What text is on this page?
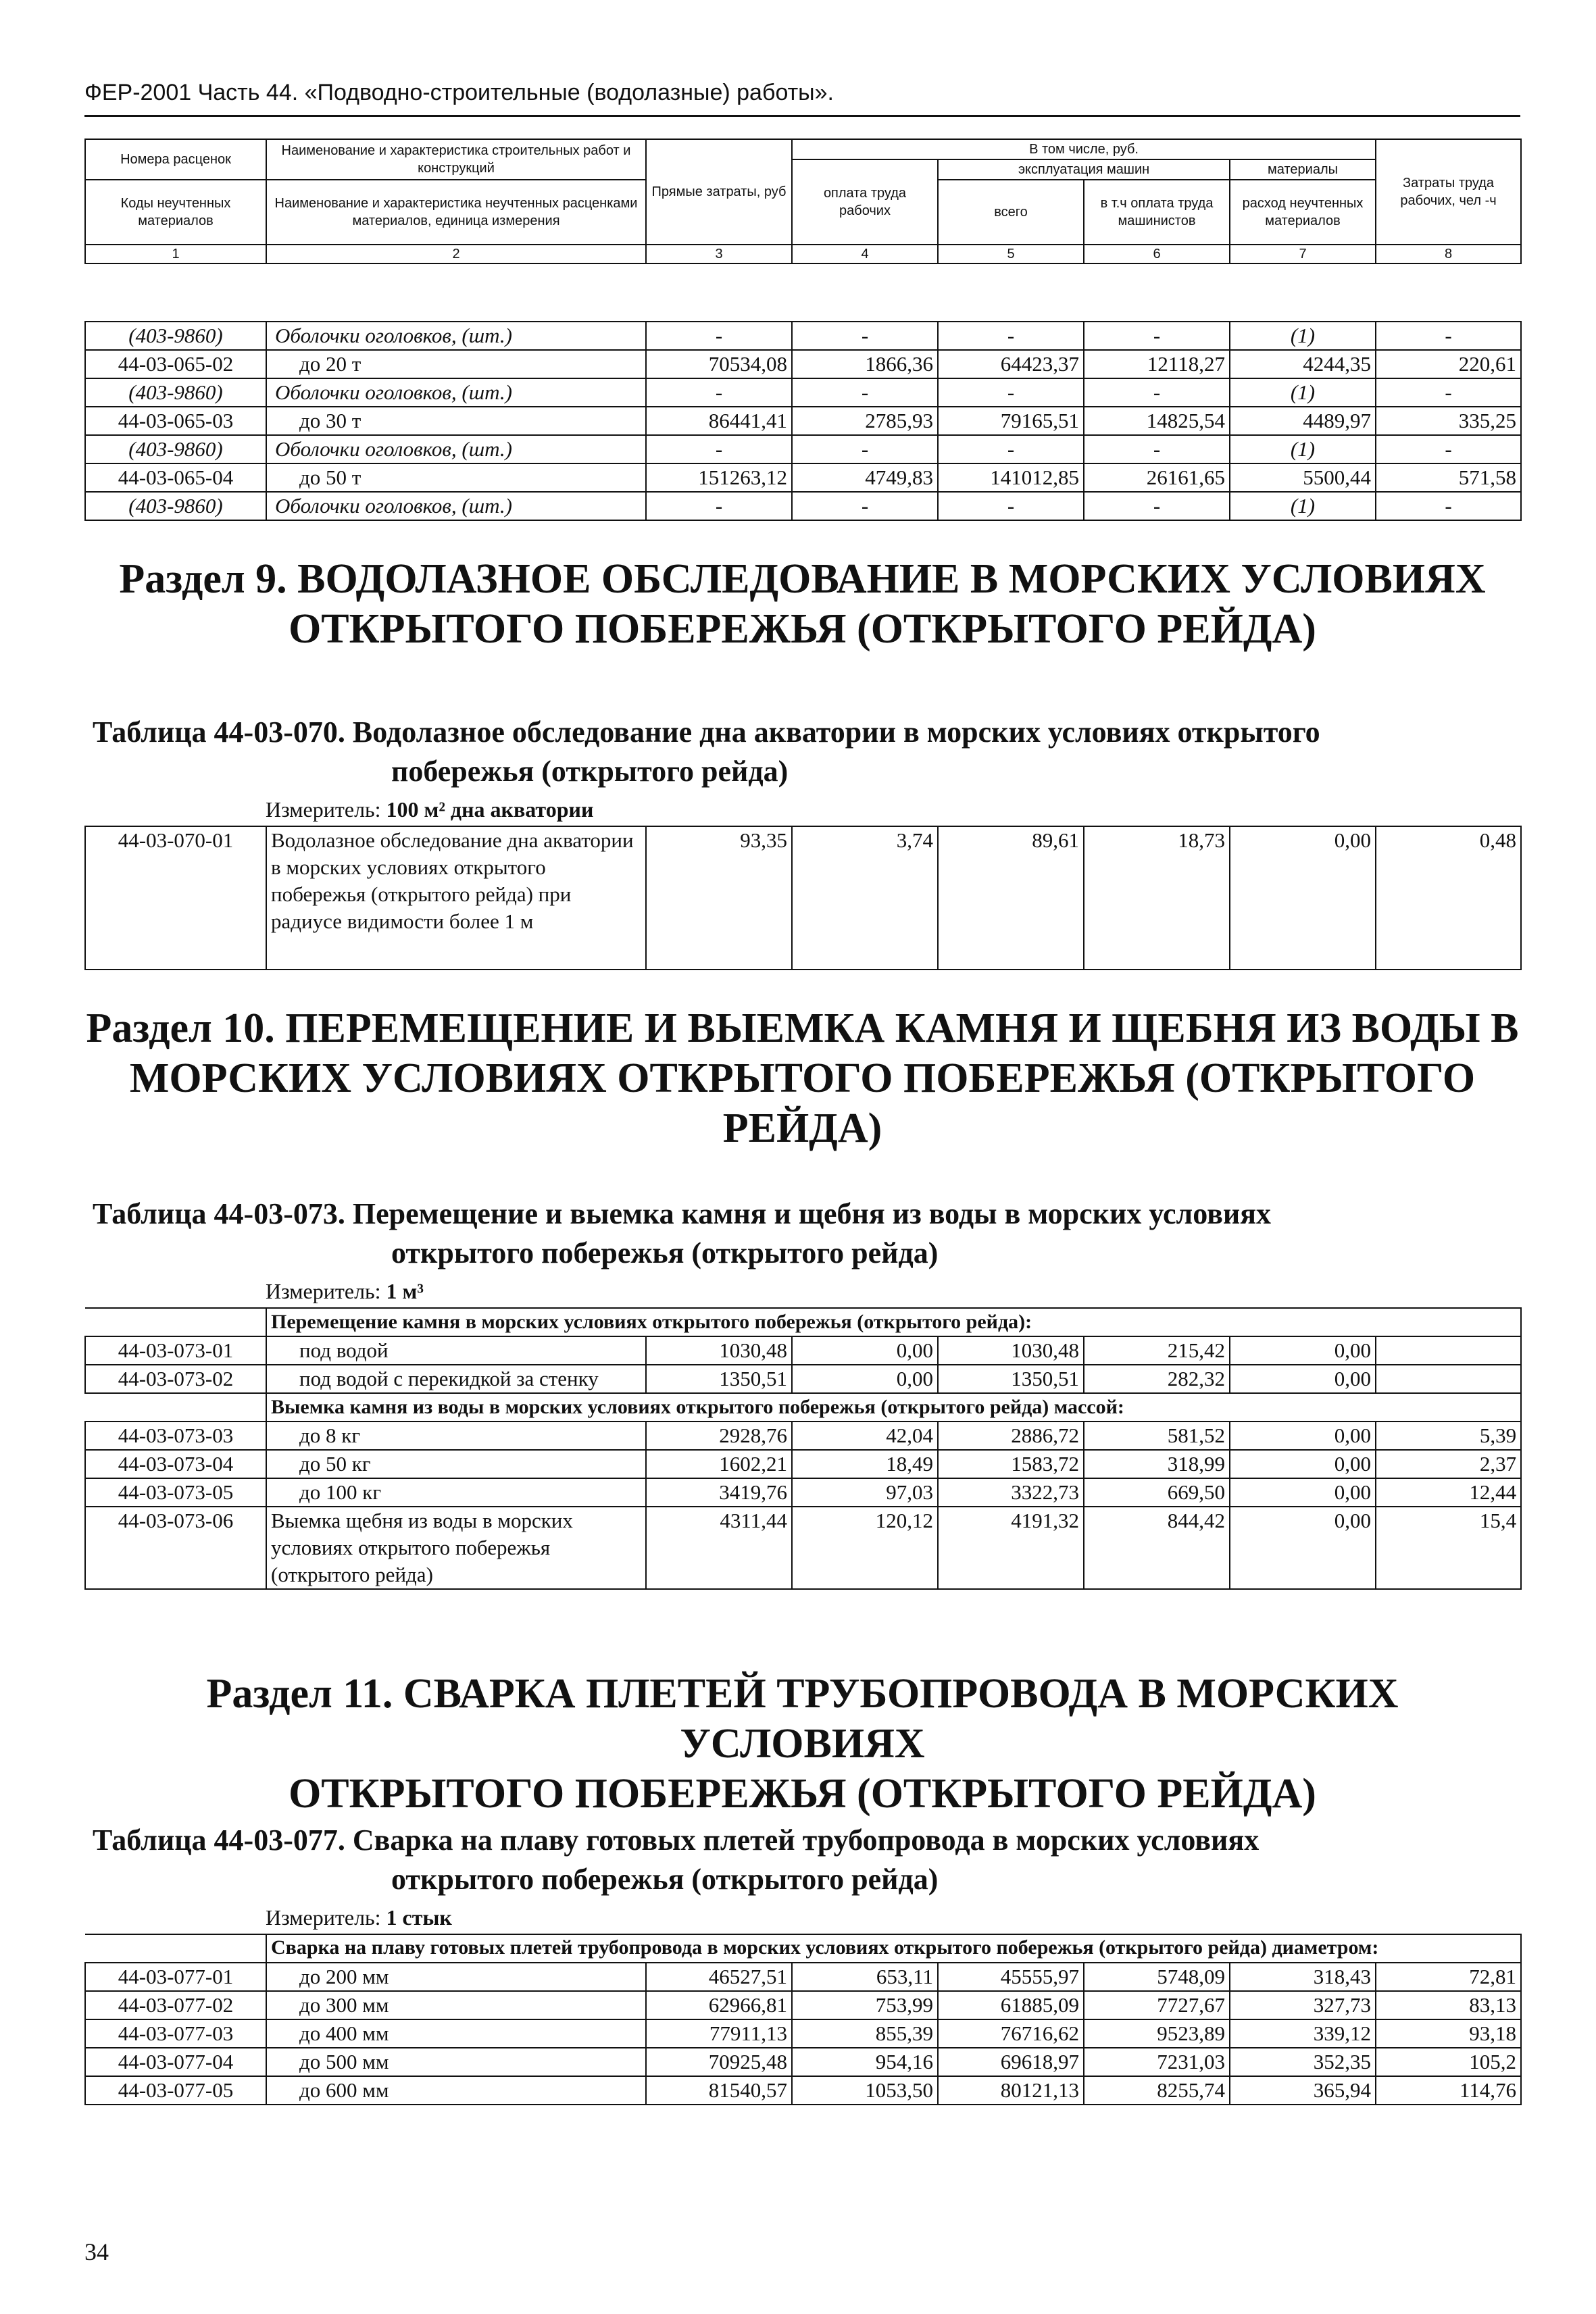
ФЕР-2001 Часть 44. «Подводно-строительные (водолазные) работы».
Номера расценок	Наименование и характеристика строительных работ и конструкций	Прямые затраты, руб	В том числе, руб.				Затраты труда рабочих, чел -ч
			оплата труда рабочих	эксплуатация машин		материалы	
Коды неучтенных материалов	Наименование и характеристика неучтенных расценками материалов, единица измерения			всего	в т.ч оплата труда машинистов	расход неучтенных материалов	

1	2	3	4	5	6	7	8
(403-9860)	Оболочки оголовков, (шт.)	-	-	-	-	(1)	-
44-03-065-02	до 20 т	70534,08	1866,36	64423,37	12118,27	4244,35	220,61
(403-9860)	Оболочки оголовков, (шт.)	-	-	-	-	(1)	-
44-03-065-03	до 30 т	86441,41	2785,93	79165,51	14825,54	4489,97	335,25
(403-9860)	Оболочки оголовков, (шт.)	-	-	-	-	(1)	-
44-03-065-04	до 50 т	151263,12	4749,83	141012,85	26161,65	5500,44	571,58
(403-9860)	Оболочки оголовков, (шт.)	-	-	-	-	(1)	-
Раздел 9. ВОДОЛАЗНОЕ ОБСЛЕДОВАНИЕ В МОРСКИХ УСЛОВИЯХ
ОТКРЫТОГО ПОБЕРЕЖЬЯ (ОТКРЫТОГО РЕЙДА)
Таблица 44-03-070. Водолазное обследование дна акватории в морских условиях открытого
побережья (открытого рейда)
Измеритель: 100 м² дна акватории
44-03-070-01	Водолазное обследование дна акватории в морских условиях открытого побережья (открытого рейда) при радиусе видимости более 1 м	93,35	3,74	89,61	18,73	0,00	0,48
Раздел 10. ПЕРЕМЕЩЕНИЕ И ВЫЕМКА КАМНЯ И ЩЕБНЯ ИЗ ВОДЫ В
МОРСКИХ УСЛОВИЯХ ОТКРЫТОГО ПОБЕРЕЖЬЯ (ОТКРЫТОГО
РЕЙДА)
Таблица 44-03-073. Перемещение и выемка камня и щебня из воды в морских условиях
открытого побережья (открытого рейда)
Измеритель: 1 м³
	Перемещение камня в морских условиях открытого побережья (открытого рейда):						
44-03-073-01	под водой	1030,48	0,00	1030,48	215,42	0,00	
44-03-073-02	под водой с перекидкой за стенку	1350,51	0,00	1350,51	282,32	0,00	
	Выемка камня из воды в морских условиях открытого побережья (открытого рейда) массой:						
44-03-073-03	до 8 кг	2928,76	42,04	2886,72	581,52	0,00	5,39
44-03-073-04	до 50 кг	1602,21	18,49	1583,72	318,99	0,00	2,37
44-03-073-05	до 100 кг	3419,76	97,03	3322,73	669,50	0,00	12,44
44-03-073-06	Выемка щебня из воды в морских условиях открытого побережья (открытого рейда)	4311,44	120,12	4191,32	844,42	0,00	15,4
Раздел 11. СВАРКА ПЛЕТЕЙ ТРУБОПРОВОДА В МОРСКИХ УСЛОВИЯХ
ОТКРЫТОГО ПОБЕРЕЖЬЯ (ОТКРЫТОГО РЕЙДА)
Таблица 44-03-077. Сварка на плаву готовых плетей трубопровода в морских условиях
открытого побережья (открытого рейда)
Измеритель: 1 стык
	Сварка на плаву готовых плетей трубопровода в морских условиях открытого побережья (открытого рейда) диаметром:						
44-03-077-01	до 200 мм	46527,51	653,11	45555,97	5748,09	318,43	72,81
44-03-077-02	до 300 мм	62966,81	753,99	61885,09	7727,67	327,73	83,13
44-03-077-03	до 400 мм	77911,13	855,39	76716,62	9523,89	339,12	93,18
44-03-077-04	до 500 мм	70925,48	954,16	69618,97	7231,03	352,35	105,2
44-03-077-05	до 600 мм	81540,57	1053,50	80121,13	8255,74	365,94	114,76
34
